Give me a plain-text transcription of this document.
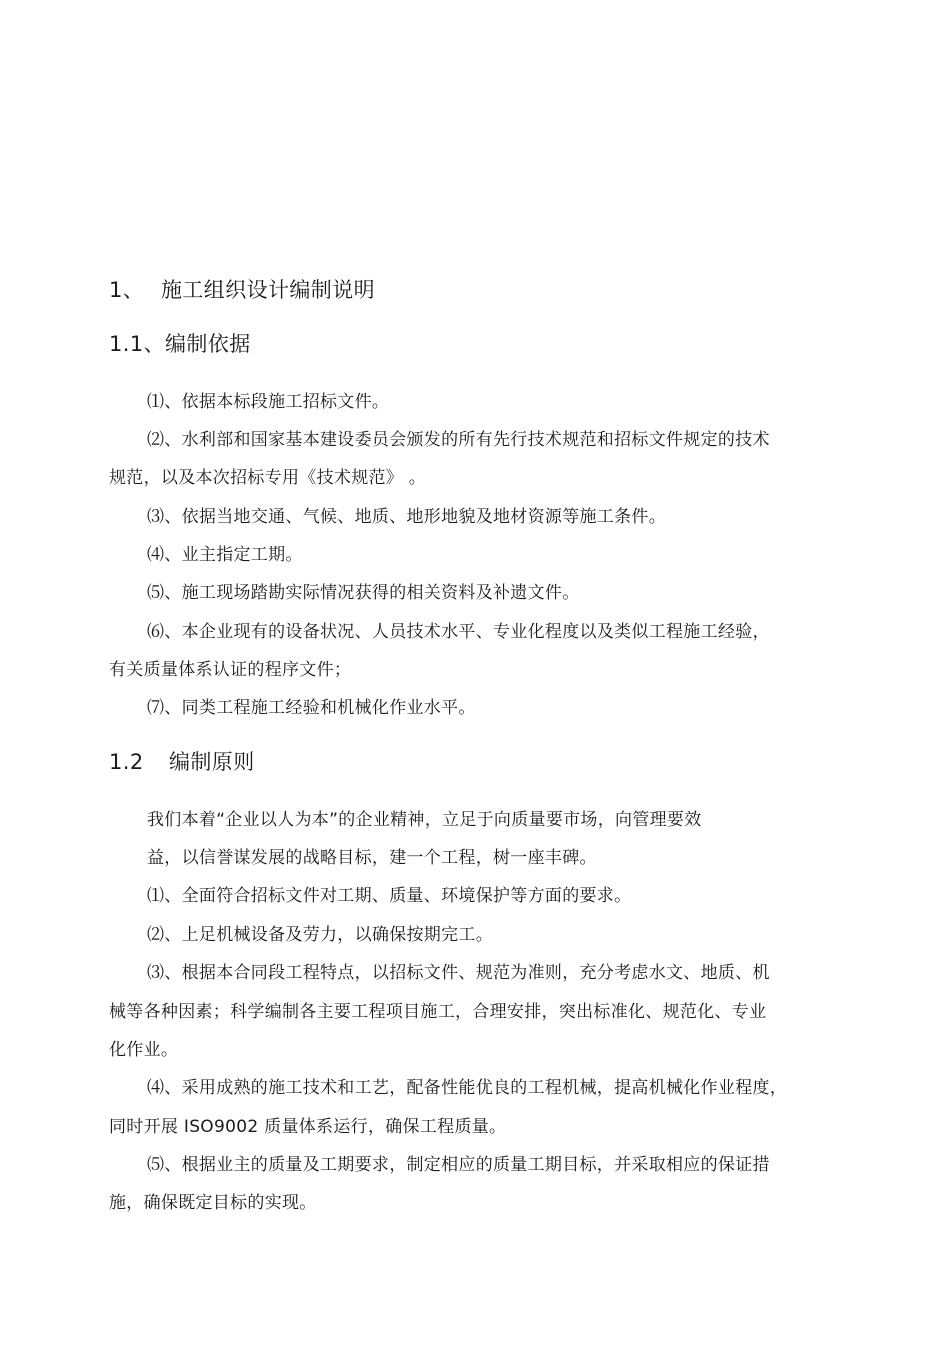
1、 施工组织设计编制说明
1.1、编制依据
⑴、依据本标段施工招标文件。
⑵、水利部和国家基本建设委员会颁发的所有先行技术规范和招标文件规定的技术
规范，以及本次招标专用《技术规范》 。
⑶、依据当地交通、气候、地质、地形地貌及地材资源等施工条件。
⑷、业主指定工期。
⑸、施工现场踏勘实际情况获得的相关资料及补遗文件。
⑹、本企业现有的设备状况、人员技术水平、专业化程度以及类似工程施工经验，
有关质量体系认证的程序文件；
⑺、同类工程施工经验和机械化作业水平。
1.2 编制原则
我们本着“企业以人为本”的企业精神，立足于向质量要市场，向管理要效
益，以信誉谋发展的战略目标，建一个工程，树一座丰碑。
⑴、全面符合招标文件对工期、质量、环境保护等方面的要求。
⑵、上足机械设备及劳力，以确保按期完工。
⑶、根据本合同段工程特点，以招标文件、规范为准则，充分考虑水文、地质、机
械等各种因素；科学编制各主要工程项目施工，合理安排，突出标准化、规范化、专业
化作业。
⑷、采用成熟的施工技术和工艺，配备性能优良的工程机械，提高机械化作业程度，
同时开展 ISO9002 质量体系运行，确保工程质量。
⑸、根据业主的质量及工期要求，制定相应的质量工期目标，并采取相应的保证措
施，确保既定目标的实现。
